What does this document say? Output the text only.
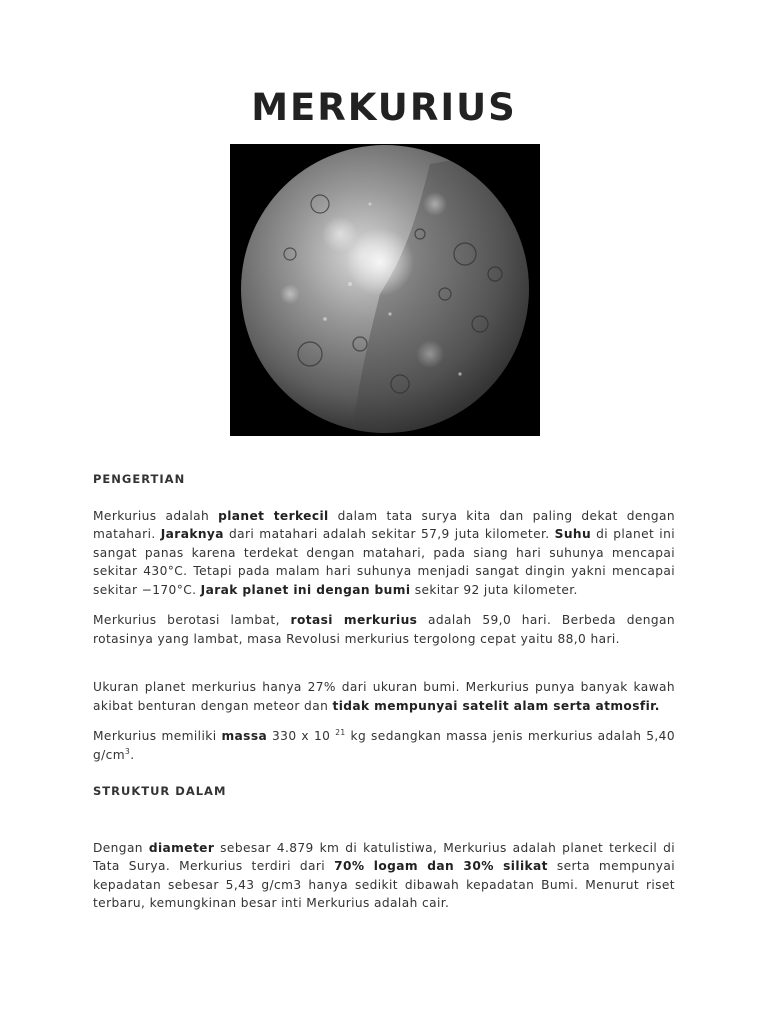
MERKURIUS
PENGERTIAN

Merkurius adalah planet terkecil dalam tata surya kita dan paling dekat dengan matahari. Jaraknya dari matahari adalah sekitar 57,9 juta kilometer. Suhu di planet ini sangat panas karena terdekat dengan matahari, pada siang hari suhunya mencapai sekitar 430°C. Tetapi pada malam hari suhunya menjadi sangat dingin yakni mencapai sekitar −170°C. Jarak planet ini dengan bumi sekitar 92 juta kilometer.

Merkurius berotasi lambat, rotasi merkurius adalah 59,0 hari. Berbeda dengan rotasinya yang lambat, masa Revolusi merkurius tergolong cepat yaitu 88,0 hari.

Ukuran planet merkurius hanya 27% dari ukuran bumi. Merkurius punya banyak kawah akibat benturan dengan meteor dan tidak mempunyai satelit alam serta atmosfir.

Merkurius memiliki massa 330 x 10 $^{21}$ kg sedangkan massa jenis merkurius adalah 5,40 $g/cm^3$.

STRUKTUR DALAM

Dengan diameter sebesar 4.879 km di katulistiwa, Merkurius adalah planet terkecil di Tata Surya. Merkurius terdiri dari 70% logam dan 30% silikat serta mempunyai kepadatan sebesar 5,43 g/cm3 hanya sedikit dibawah kepadatan Bumi. Menurut riset terbaru, kemungkinan besar inti Merkurius adalah cair.
